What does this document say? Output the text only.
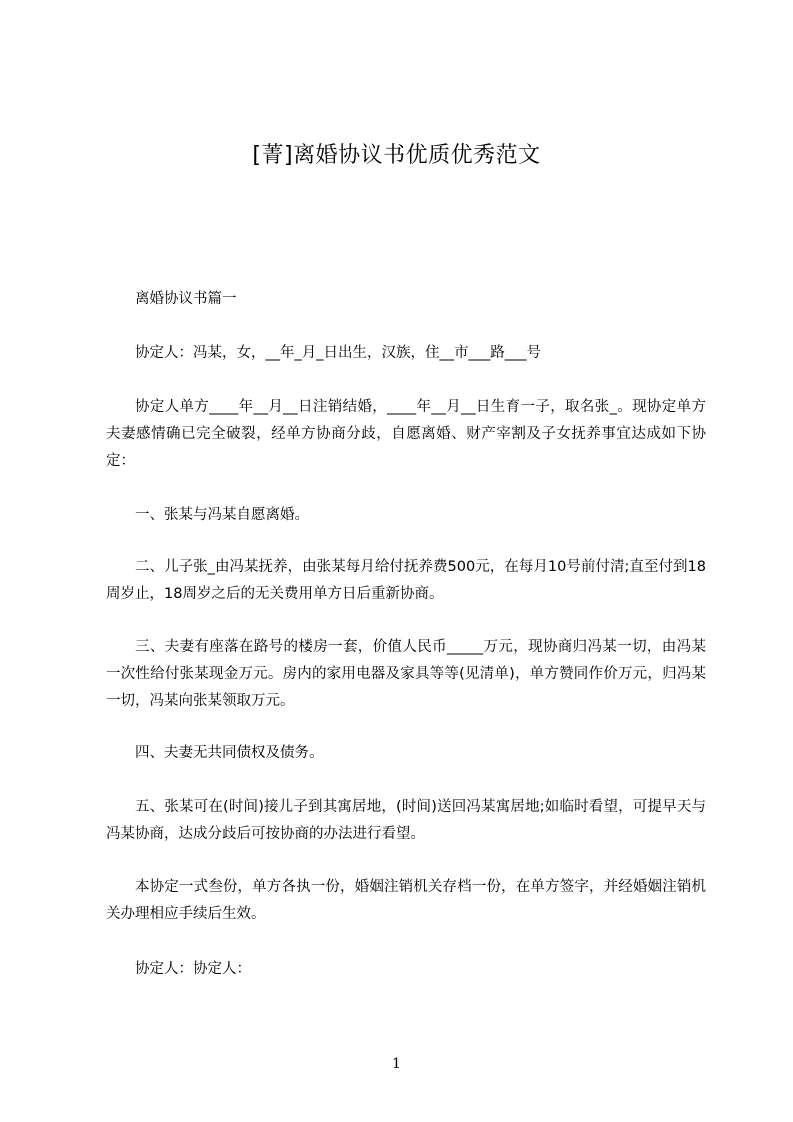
[菁]离婚协议书优质优秀范文
离婚协议书篇一
协定人：冯某，女，__年_月_日出生，汉族，住__市___路___号
协定人单方____年__月__日注销结婚，____年__月__日生育一子，取名张_。现协定单方夫妻感情确已完全破裂，经单方协商分歧，自愿离婚、财产宰割及子女抚养事宜达成如下协定：
一、张某与冯某自愿离婚。
二、儿子张_由冯某抚养，由张某每月给付抚养费500元，在每月10号前付清;直至付到18周岁止，18周岁之后的无关费用单方日后重新协商。
三、夫妻有座落在路号的楼房一套，价值人民币_____万元，现协商归冯某一切，由冯某一次性给付张某现金万元。房内的家用电器及家具等等(见清单)，单方赞同作价万元，归冯某一切，冯某向张某领取万元。
四、夫妻无共同债权及债务。
五、张某可在(时间)接儿子到其寓居地，(时间)送回冯某寓居地;如临时看望，可提早天与冯某协商，达成分歧后可按协商的办法进行看望。
本协定一式叁份，单方各执一份，婚姻注销机关存档一份，在单方签字，并经婚姻注销机关办理相应手续后生效。
协定人：协定人：
1
